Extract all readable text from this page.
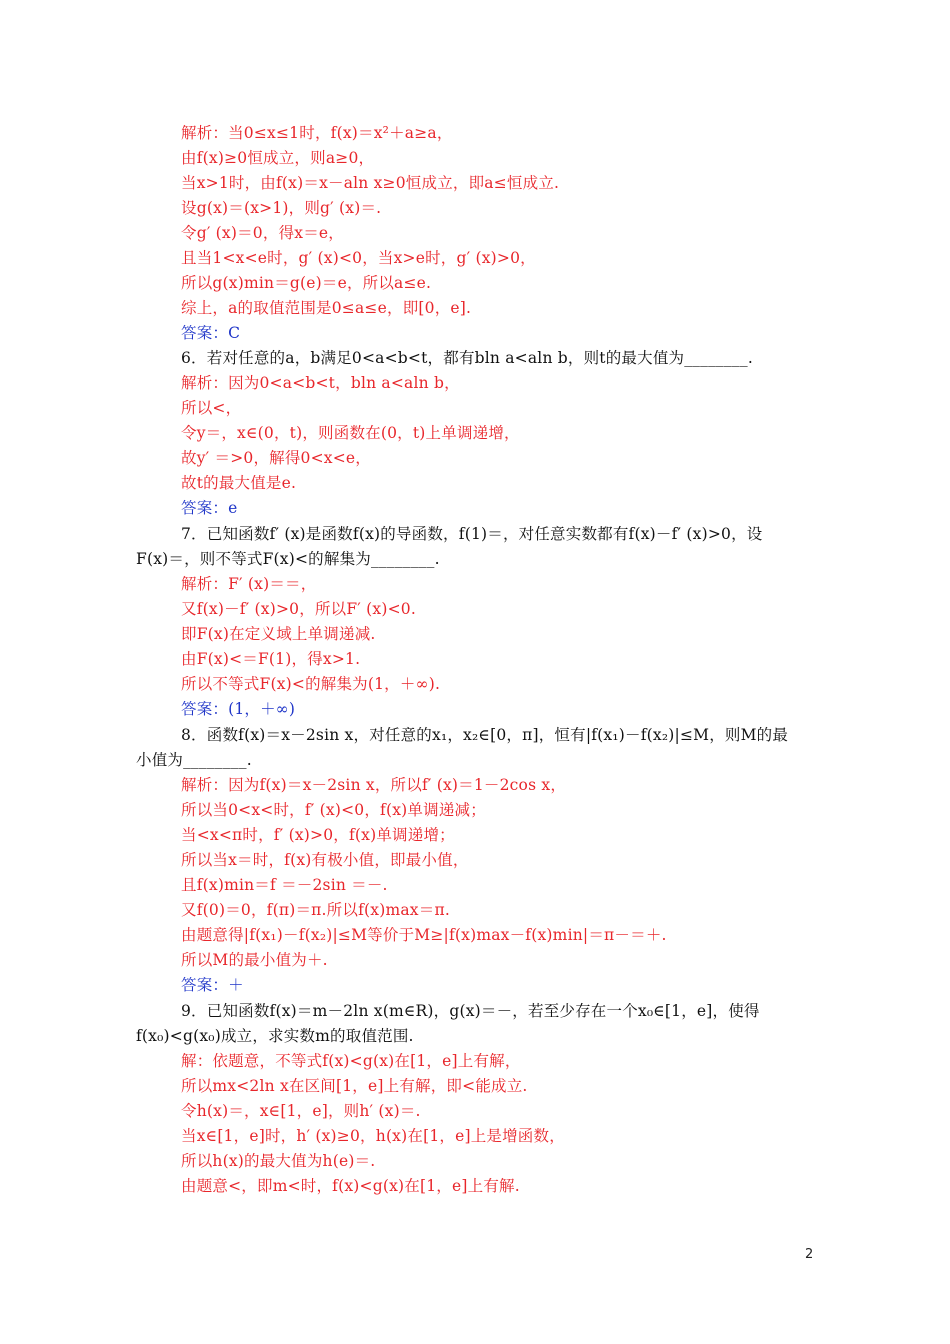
解析：当0≤x≤1时，f(x)＝x²＋a≥a，
由f(x)≥0恒成立，则a≥0，
当x>1时，由f(x)＝x－aln x≥0恒成立，即a≤恒成立.
设g(x)＝(x>1)，则g′ (x)＝.
令g′ (x)＝0，得x＝e，
且当1<x<e时，g′ (x)<0，当x>e时，g′ (x)>0，
所以g(x)min＝g(e)＝e，所以a≤e.
综上，a的取值范围是0≤a≤e，即[0，e].
答案：C
6．若对任意的a，b满足0<a<b<t，都有bln a<aln b，则t的最大值为________.
解析：因为0<a<b<t，bln a<aln b，
所以<，
令y＝，x∈(0，t)，则函数在(0，t)上单调递增，
故y′ ＝>0，解得0<x<e，
故t的最大值是e.
答案：e
7．已知函数f′ (x)是函数f(x)的导函数，f(1)＝，对任意实数都有f(x)－f′ (x)>0，设
F(x)＝，则不等式F(x)<的解集为________.
解析：F′ (x)＝＝，
又f(x)－f′ (x)>0，所以F′ (x)<0.
即F(x)在定义域上单调递减.
由F(x)<＝F(1)，得x>1.
所以不等式F(x)<的解集为(1，＋∞).
答案：(1，＋∞)
8．函数f(x)＝x－2sin x，对任意的x₁，x₂∈[0，π]，恒有|f(x₁)－f(x₂)|≤M，则M的最
小值为________.
解析：因为f(x)＝x－2sin x，所以f′ (x)＝1－2cos x，
所以当0<x<时，f′ (x)<0，f(x)单调递减；
当<x<π时，f′ (x)>0，f(x)单调递增；
所以当x＝时，f(x)有极小值，即最小值，
且f(x)min＝f ＝－2sin ＝－.
又f(0)＝0，f(π)＝π.所以f(x)max＝π.
由题意得|f(x₁)－f(x₂)|≤M等价于M≥|f(x)max－f(x)min|＝π－＝＋.
所以M的最小值为＋.
答案：＋
9．已知函数f(x)＝m－2ln x(m∈R)，g(x)＝－，若至少存在一个x₀∈[1，e]，使得
f(x₀)<g(x₀)成立，求实数m的取值范围.
解：依题意，不等式f(x)<g(x)在[1，e]上有解，
所以mx<2ln x在区间[1，e]上有解，即<能成立.
令h(x)＝，x∈[1，e]，则h′ (x)＝.
当x∈[1，e]时，h′ (x)≥0，h(x)在[1，e]上是增函数，
所以h(x)的最大值为h(e)＝.
由题意<，即m<时，f(x)<g(x)在[1，e]上有解.
2
